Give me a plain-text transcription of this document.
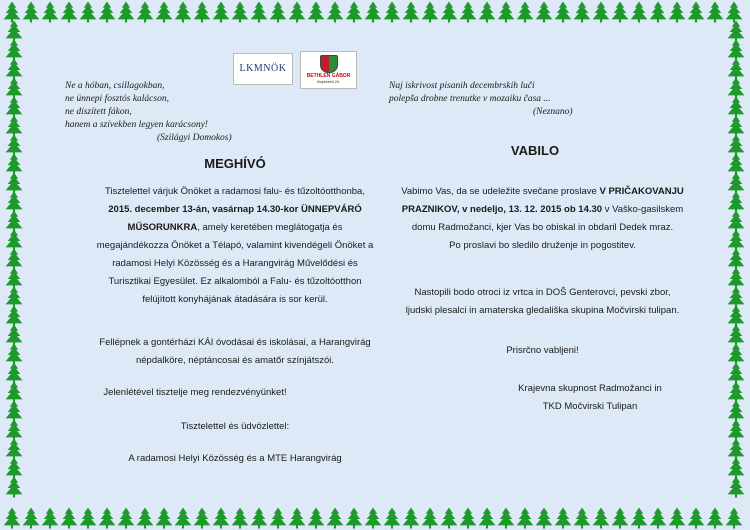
LKMNÖK
BETHLEN GÁBOR
Alapkezelő Zrt.
Ne a hóban, csillagokban,
ne ünnepi fosztós kalácson,
ne díszített fákon,
hanem a szívekben legyen karácsony!
(Szilágyi Domokos)
Naj iskrivost pisanih decembrskih luči
polepša drobne trenutke v mozaiku časa ...
(Neznano)
MEGHÍVÓ
VABILO
Tisztelettel várjuk Önöket a radamosi falu- és tűzoltóotthonba,
2015. december 13-án, vasárnap 14.30-kor ÜNNEPVÁRÓ
MŰSORUNKRA, amely keretében meglátogatja és
megajándékozza Önöket a Télapó, valamint kivendégeli Önöket a
radamosi Helyi Közösség és a Harangvirág Művelődési és
Turisztikai Egyesület. Ez alkalomból a Falu- és tűzoltóotthon
felújított konyhájának átadására is sor kerül.
Fellépnek a gontérházi KÁI óvodásai és iskolásai, a Harangvirág
népdalköre, néptáncosai és amatőr színjátszói.
Jelenlétével tisztelje meg rendezvényünket!
Tisztelettel és üdvözlettel:
A radamosi Helyi Közösség és a MTE Harangvirág
Vabimo Vas, da se udeležite svečane proslave V PRIČAKOVANJU
PRAZNIKOV, v nedeljo, 13. 12. 2015 ob 14.30 v Vaško-gasilskem
domu Radmožanci, kjer Vas bo obiskal in obdaril Dedek mraz.
Po proslavi bo sledilo druženje in pogostitev.
Nastopili bodo otroci iz vrtca in DOŠ Genterovci, pevski zbor,
ljudski plesalci in amaterska gledališka skupina Močvirski tulipan.
Prisrčno vabljeni!
Krajevna skupnost Radmožanci in
TKD Močvirski Tulipan
